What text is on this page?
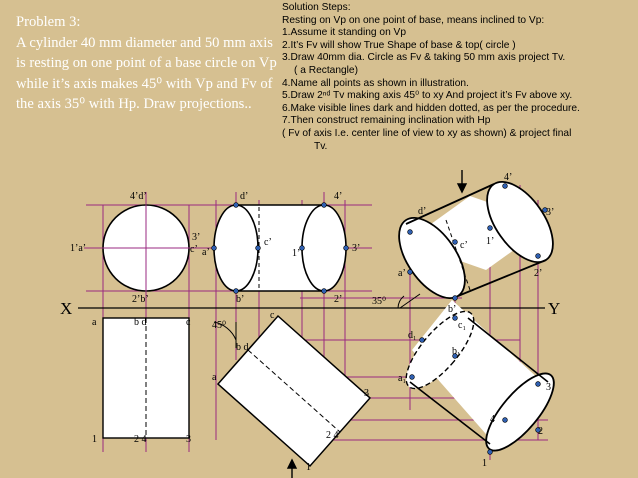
Problem 3:
A cylinder 40 mm diameter and 50 mm axis is resting on one point of a base circle on Vp while it’s axis makes 45⁰ with Vp and Fv of the axis 35⁰ with Hp. Draw projections..
Solution Steps:
Resting on Vp on one point of base, means inclined to Vp:
1.Assume it standing on Vp
2.It’s Fv will show True Shape of base & top( circle )
3.Draw 40mm dia. Circle as Fv & taking 50 mm axis project Tv.
( a Rectangle)
4.Name all points as shown in illustration.
5.Draw 2ⁿᵈ Tv making axis 45⁰ to xy And project it’s Fv above xy.
6.Make visible lines dark and hidden dotted, as per the procedure.
7.Then construct remaining inclination with Hp
( Fv of axis I.e. center line of view to xy as shown) & project final
Tv.
4’d’
1’a’
2’b’
3’
c’
a	b d	c
1	2 4	3
d’	4’
3’
c’
a’	1’
b’	2’
a
b d
c
1
2 4
3
45⁰
d’
4’
3’
c’
a’
1’
b’
2’
35⁰
c₁
d₁
b₁
a₁
3
4
2
1
X	Y
